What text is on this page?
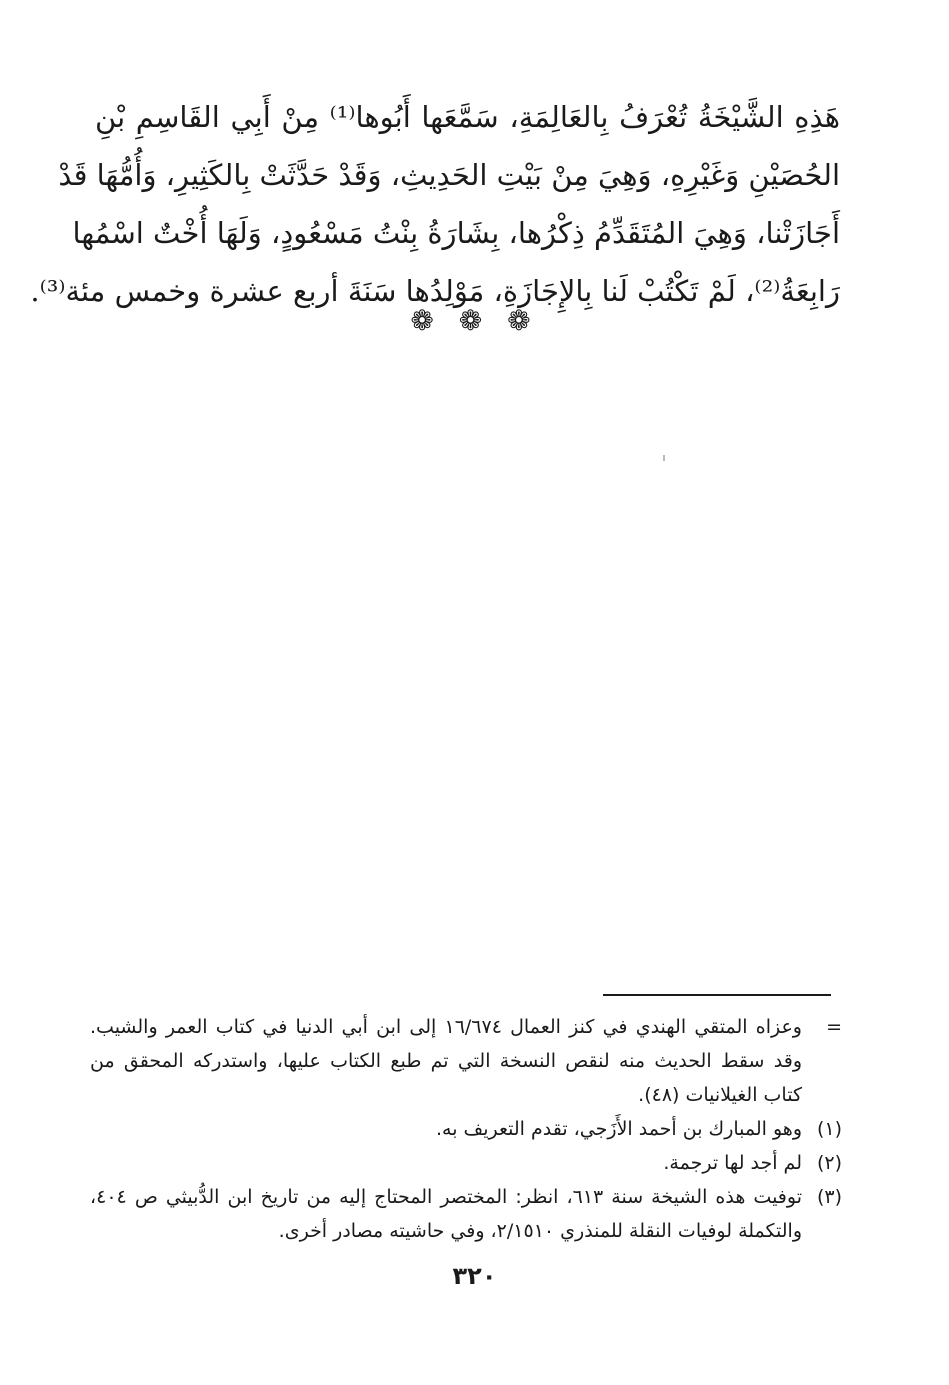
هَذِهِ الشَّيْخَةُ تُعْرَفُ بِالعَالِمَةِ، سَمَّعَها أَبُوها⁽¹⁾ مِنْ أَبِي القَاسِمِ بْنِ
الحُصَيْنِ وَغَيْرِهِ، وَهِيَ مِنْ بَيْتِ الحَدِيثِ، وَقَدْ حَدَّثَتْ بِالكَثِيرِ، وَأُمُّهَا قَدْ
أَجَازَتْنا، وَهِيَ المُتَقَدِّمُ ذِكْرُها، بِشَارَةُ بِنْتُ مَسْعُودٍ، وَلَهَا أُخْتٌ اسْمُها
رَابِعَةُ⁽²⁾، لَمْ تَكْتُبْ لَنا بِالإِجَازَةِ، مَوْلِدُها سَنَةَ أربع عشرة وخمس مئة⁽³⁾.
❁ ❁ ❁
=
وعزاه المتقي الهندي في كنز العمال ١٦/٦٧٤ إلى ابن أبي الدنيا في كتاب العمر والشيب. وقد سقط الحديث منه لنقص النسخة التي تم طبع الكتاب عليها، واستدركه المحقق من كتاب الغيلانيات (٤٨).
(١)
وهو المبارك بن أحمد الأَزَجي، تقدم التعريف به.
(٢)
لم أجد لها ترجمة.
(٣)
توفيت هذه الشيخة سنة ٦١٣، انظر: المختصر المحتاج إليه من تاريخ ابن الدُّبيثي ص ٤٠٤، والتكملة لوفيات النقلة للمنذري ٢/١٥١٠، وفي حاشيته مصادر أخرى.
٣٢٠
